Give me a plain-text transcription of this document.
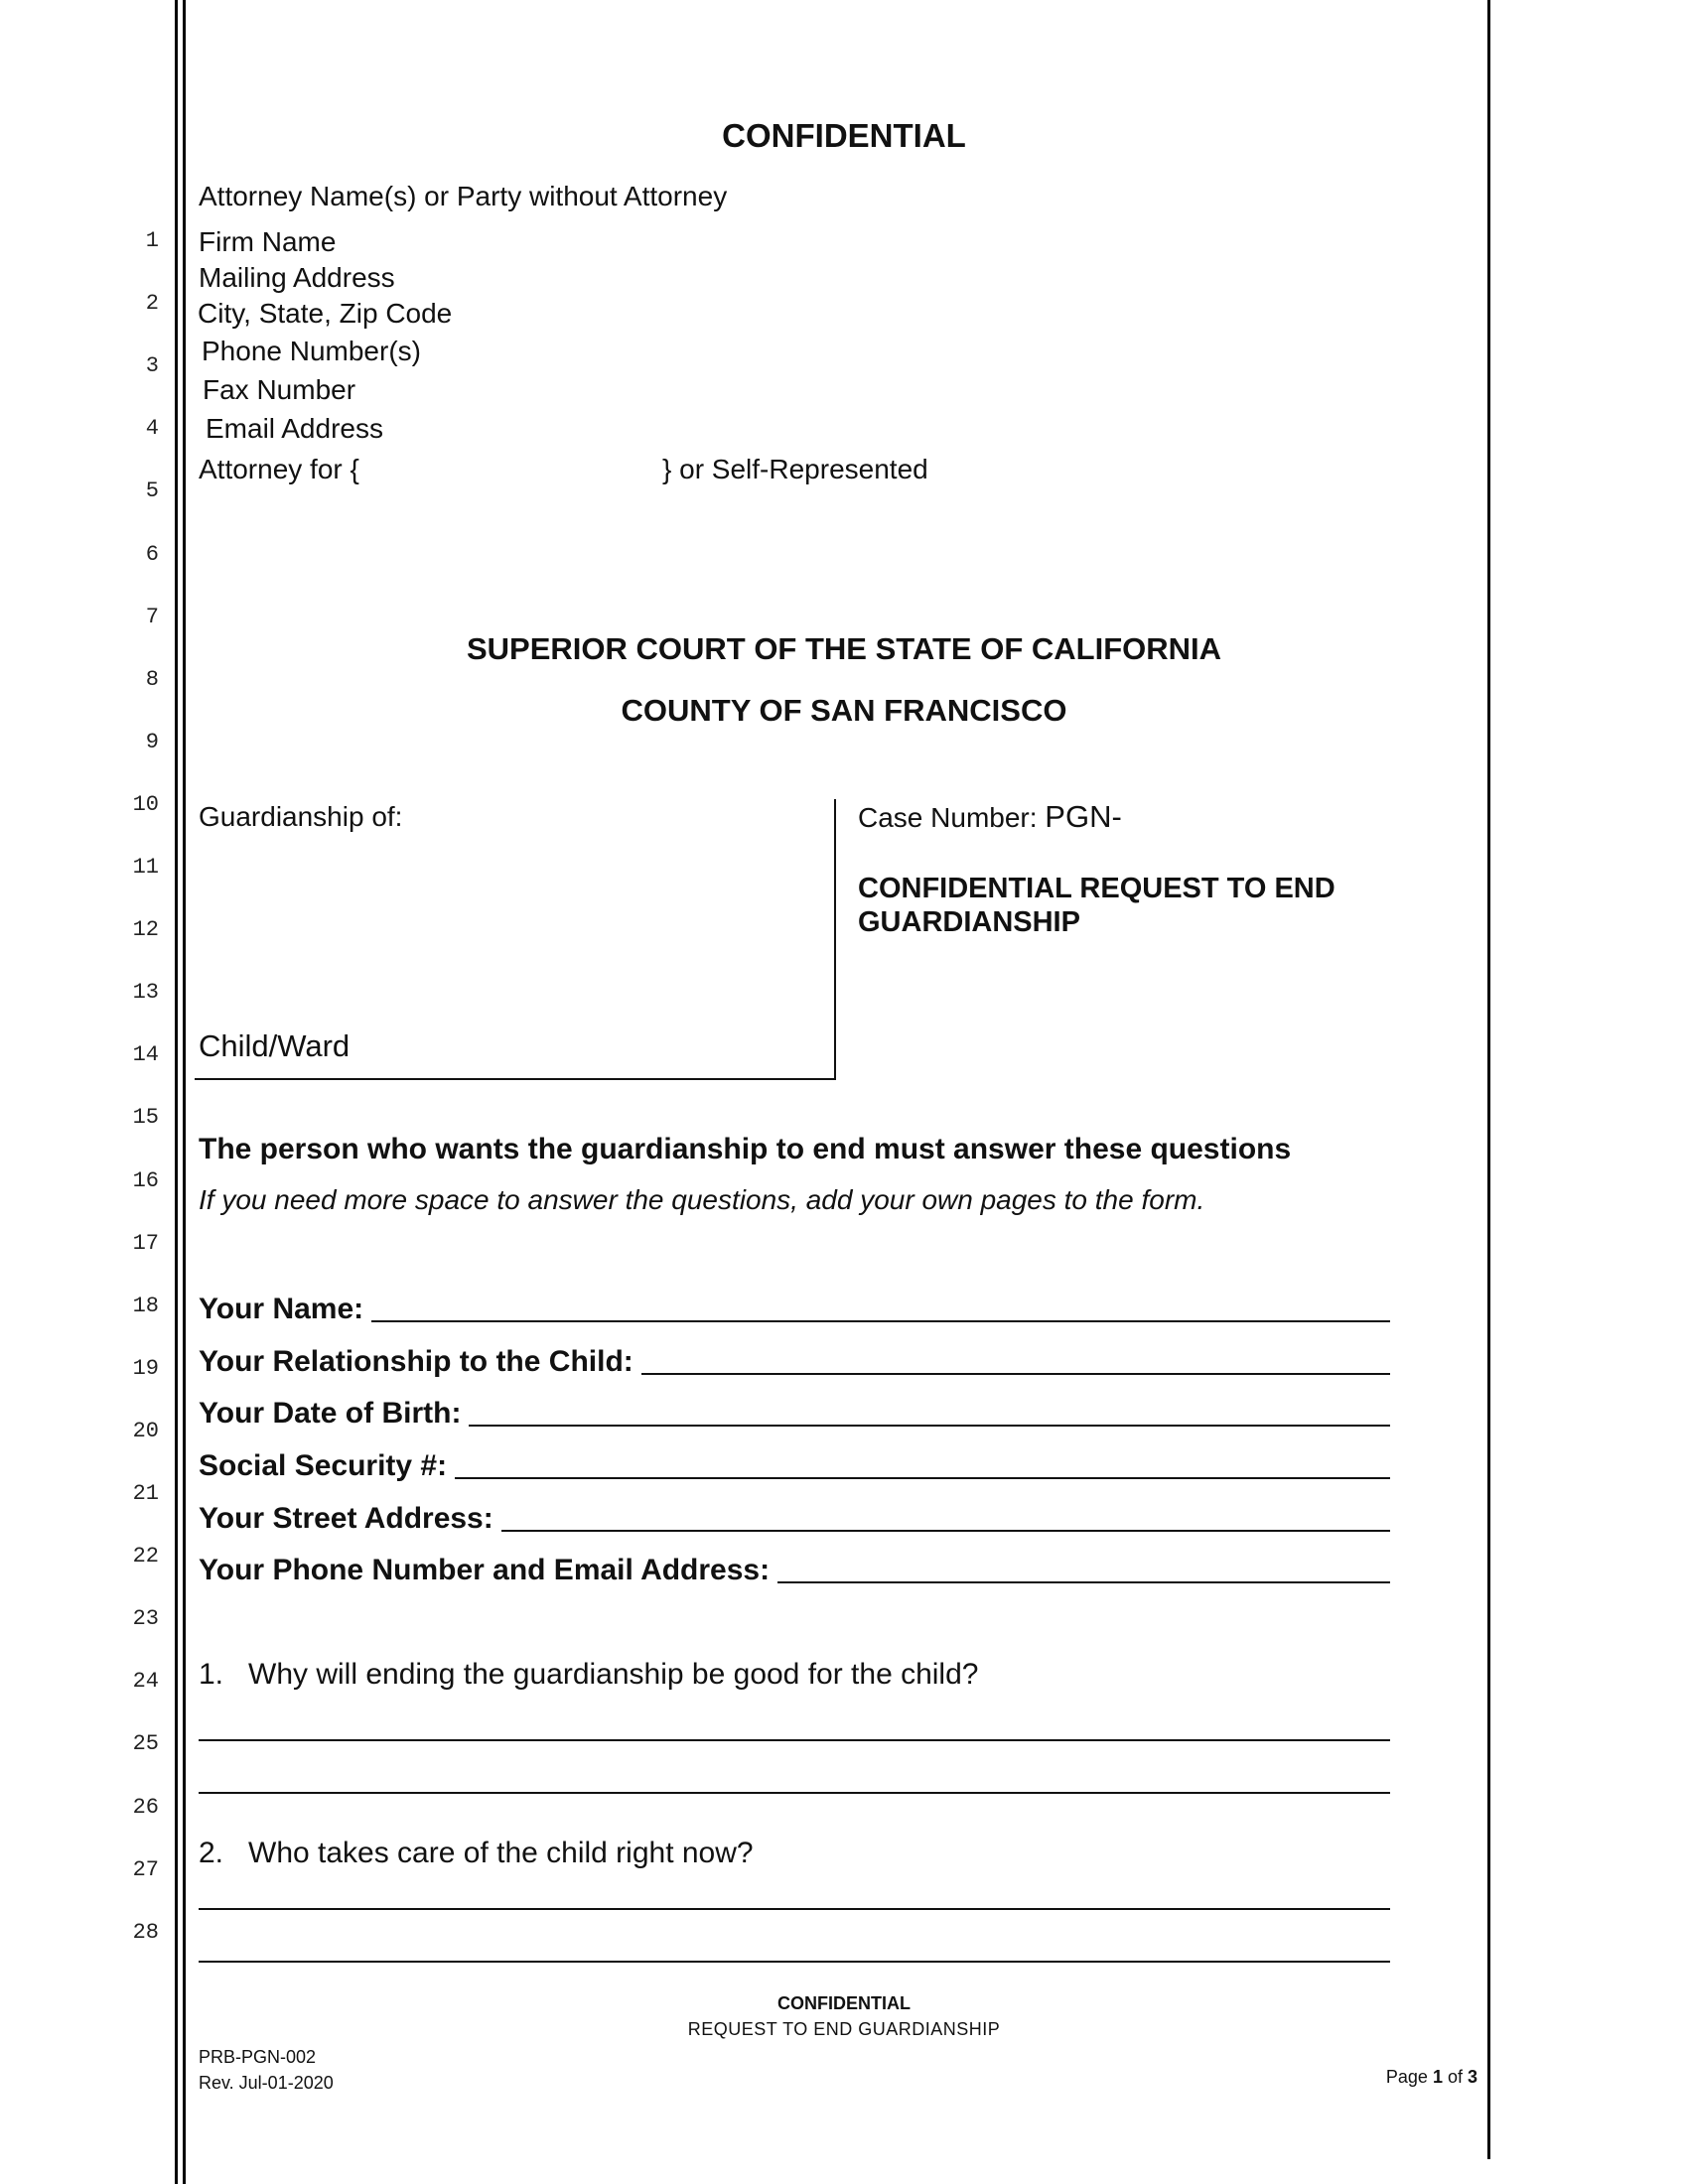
1
2
3
4
5
6
7
8
9
10
11
12
13
14
15
16
17
18
19
20
21
22
23
24
25
26
27
28
CONFIDENTIAL
Attorney Name(s) or Party without Attorney
Firm Name
Mailing Address
City, State, Zip Code
Phone Number(s)
Fax Number
Email Address
Attorney for {	} or Self-Represented
SUPERIOR COURT OF THE STATE OF CALIFORNIA
COUNTY OF SAN FRANCISCO
Guardianship of:
Child/Ward
Case Number: PGN-
CONFIDENTIAL REQUEST TO END
GUARDIANSHIP
The person who wants the guardianship to end must answer these questions
If you need more space to answer the questions, add your own pages to the form.
Your Name:
Your Relationship to the Child:
Your Date of Birth:
Social Security #:
Your Street Address:
Your Phone Number and Email Address:
1. Why will ending the guardianship be good for the child?
2. Who takes care of the child right now?
CONFIDENTIAL
REQUEST TO END GUARDIANSHIP
PRB-PGN-002
Rev. Jul-01-2020	Page 1 of 3
